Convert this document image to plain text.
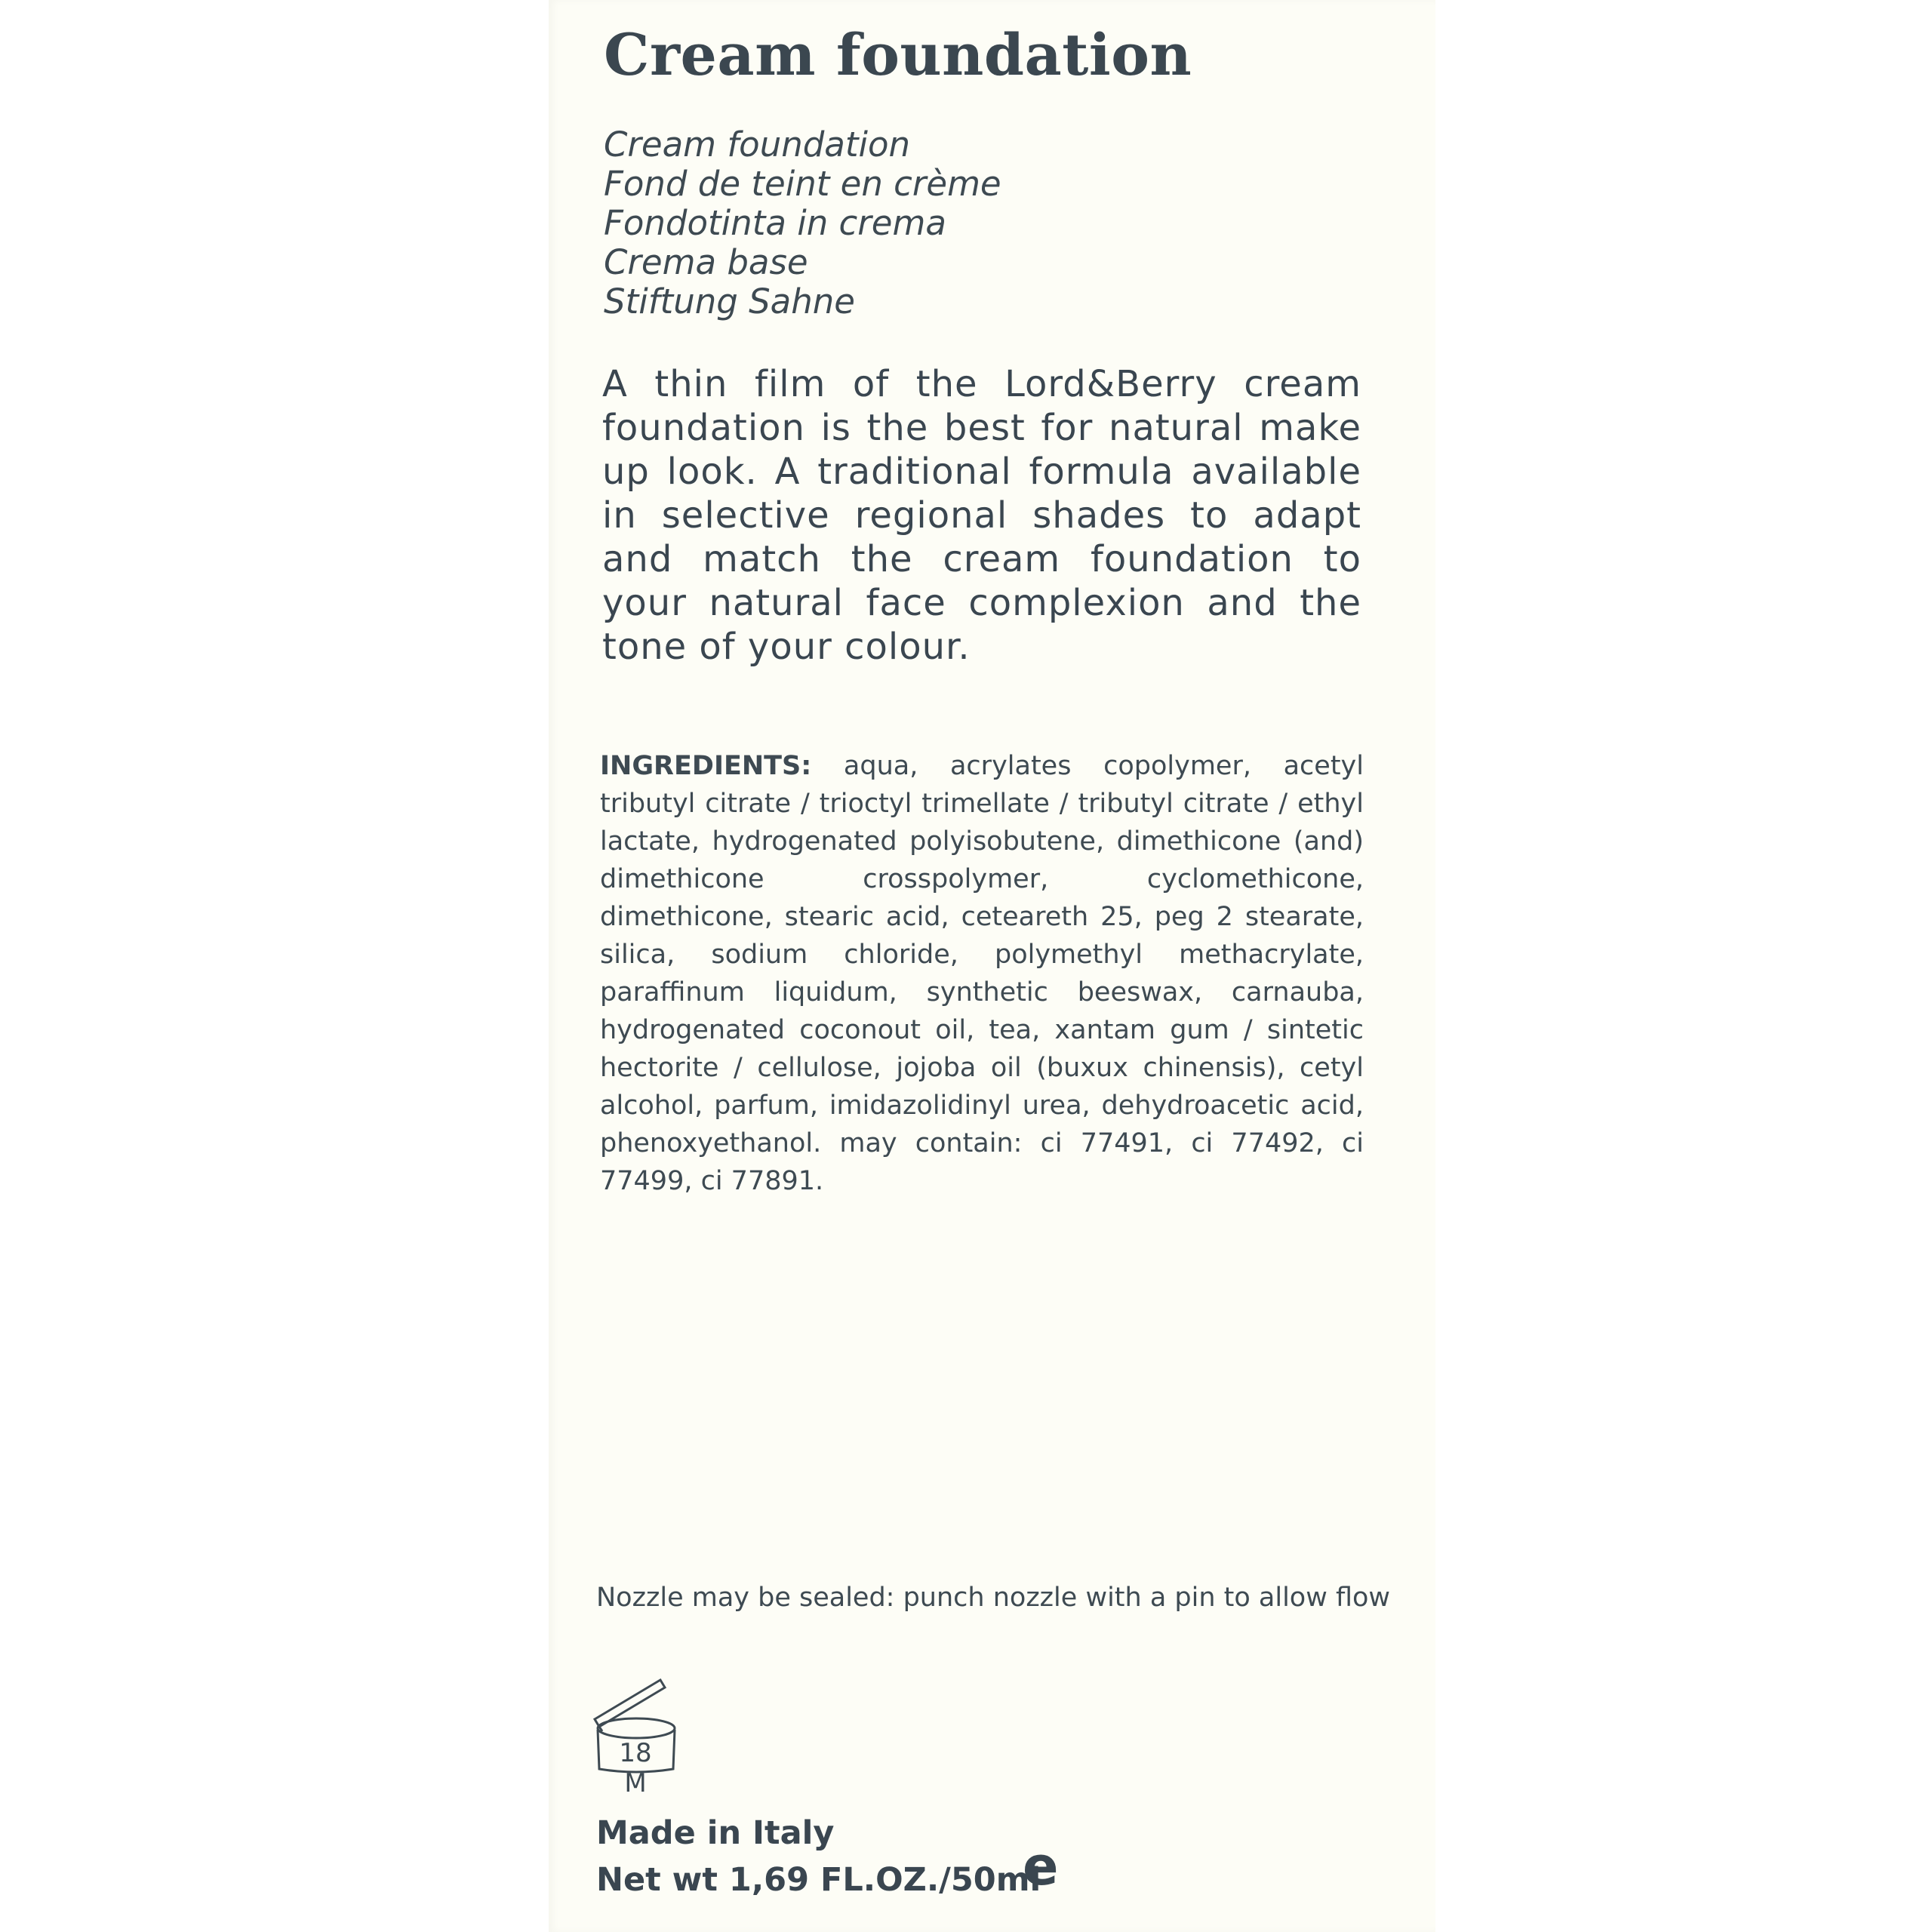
Cream foundation
Cream foundation
Fond de teint en crème
Fondotinta in crema
Crema base
Stiftung Sahne
A thin film of the Lord&Berry cream foundation is the best for natural make up look. A traditional formula available in selective regional shades to adapt and match the cream foundation to your natural face complexion and the tone of your colour.
INGREDIENTS: aqua, acrylates copolymer, acetyl tributyl citrate / trioctyl trimellate / tributyl citrate / ethyl lactate, hydrogenated polyisobutene, dimethicone (and) dimethicone crosspolymer, cyclomethicone, dimethicone, stearic acid, ceteareth 25, peg 2 stearate, silica, sodium chloride, polymethyl methacrylate, paraffinum liquidum, synthetic beeswax, carnauba, hydrogenated coconout oil, tea, xantam gum / sintetic hectorite / cellulose, jojoba oil (buxux chinensis), cetyl alcohol, parfum, imidazolidinyl urea, dehydroacetic acid, phenoxyethanol. may contain: ci 77491, ci 77492, ci 77499, ci 77891.
Nozzle may be sealed: punch nozzle with a pin to allow flow
18 M
Made in Italy
Net wt 1,69 FL.OZ./50ml
e
